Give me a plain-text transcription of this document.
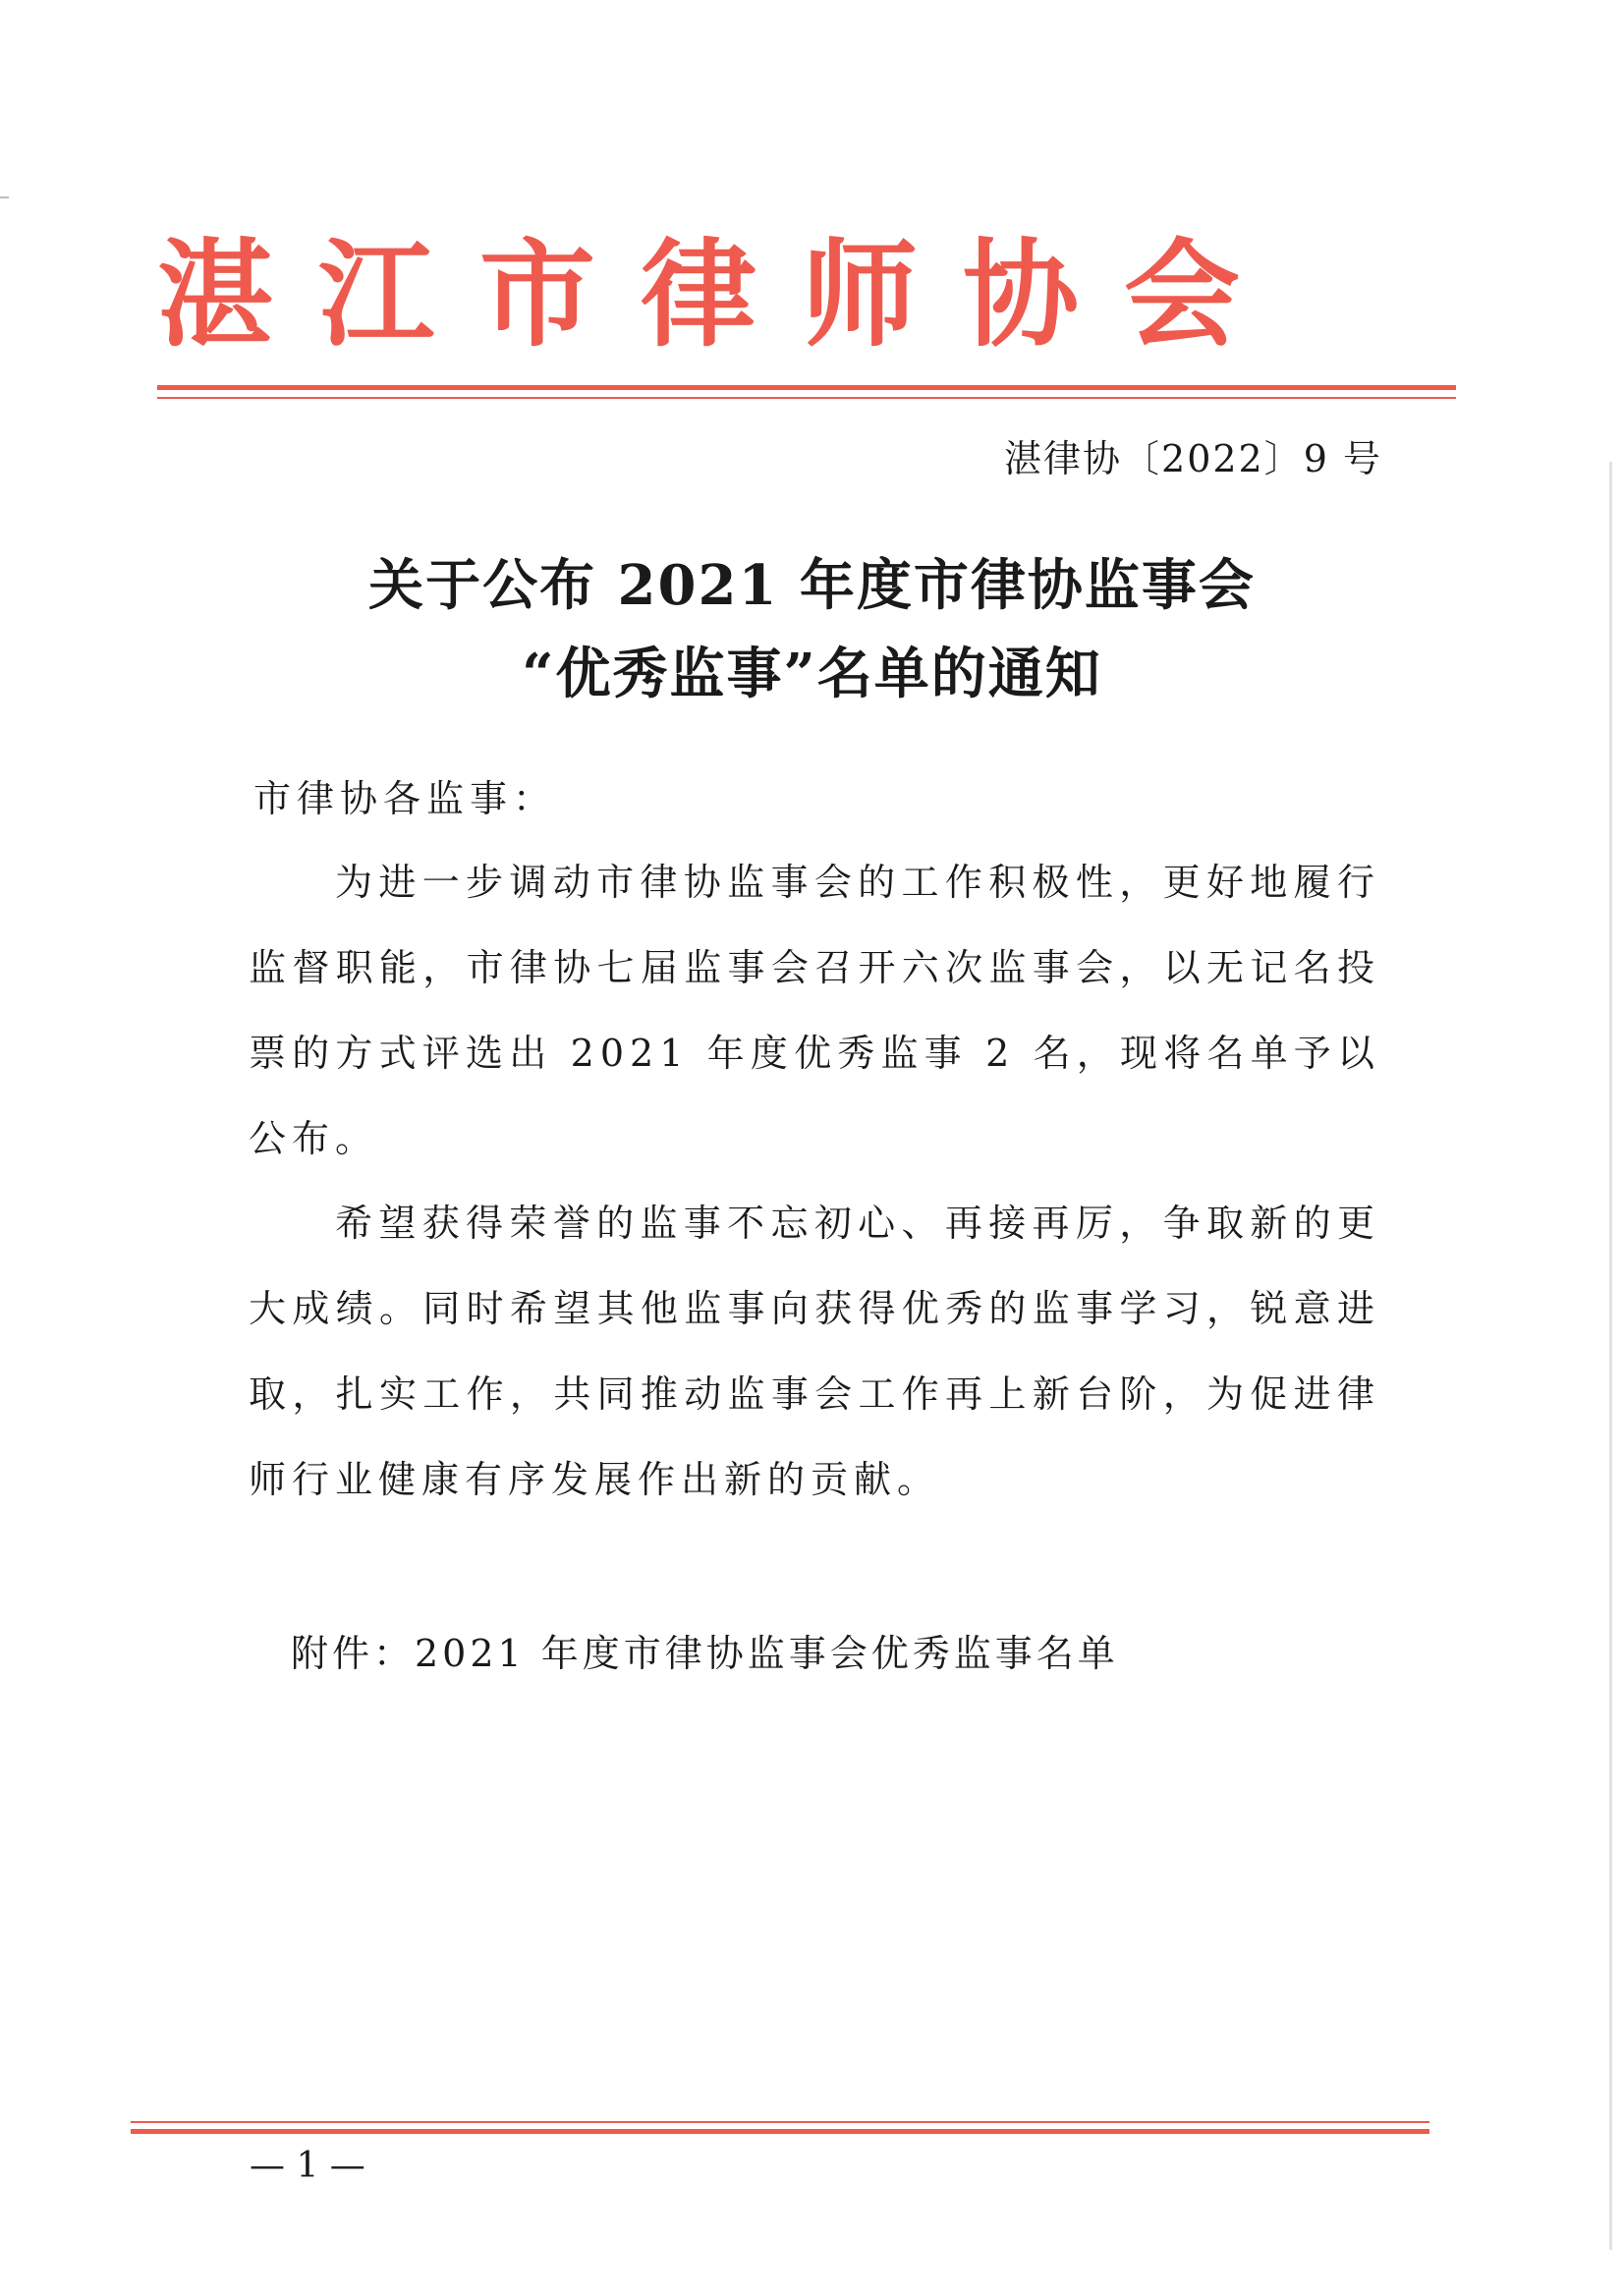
湛江市律师协会
湛律协〔2022〕9 号
关于公布 2021 年度市律协监事会
“优秀监事”名单的通知
市律协各监事：

为进一步调动市律协监事会的工作积极性，更好地履行监督职能，市律协七届监事会召开六次监事会，以无记名投票的方式评选出 2021 年度优秀监事 2 名，现将名单予以公布。

希望获得荣誉的监事不忘初心、再接再厉，争取新的更大成绩。同时希望其他监事向获得优秀的监事学习，锐意进取，扎实工作，共同推动监事会工作再上新台阶，为促进律师行业健康有序发展作出新的贡献。

附件：2021 年度市律协监事会优秀监事名单
— 1 —
